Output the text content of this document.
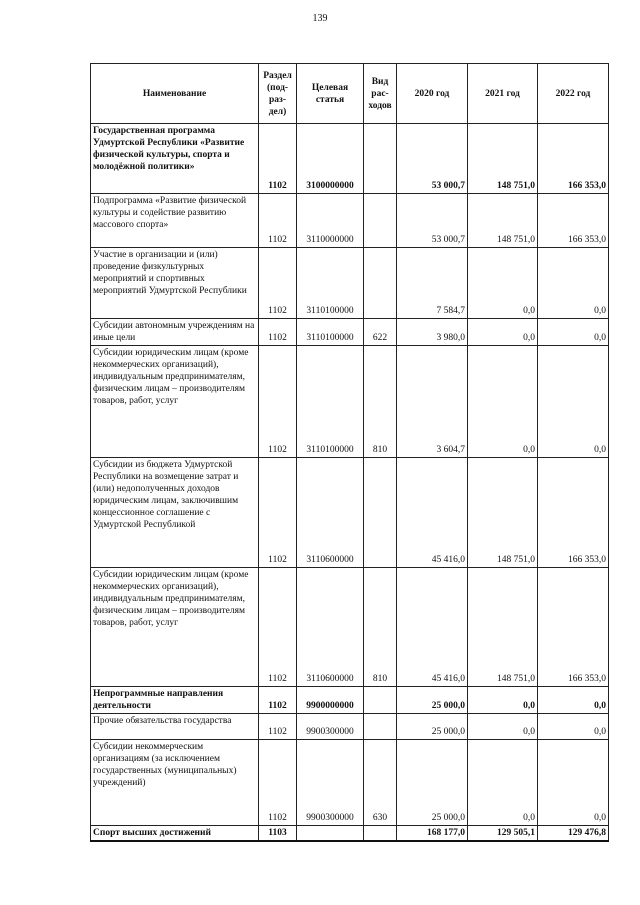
139
Наименование	Раздел (под-раз-дел)	Целевая статья	Вид рас-ходов	2020 год	2021 год	2022 год
Государственная программа Удмуртской Республики «Развитие физической культуры, спорта и молодёжной политики»	1102	3100000000		53 000,7	148 751,0	166 353,0
Подпрограмма «Развитие физической культуры и содействие развитию массового спорта»	1102	3110000000		53 000,7	148 751,0	166 353,0
Участие в организации и (или) проведение физкультурных мероприятий и спортивных мероприятий Удмуртской Республики	1102	3110100000		7 584,7	0,0	0,0
Субсидии автономным учреждениям на иные цели	1102	3110100000	622	3 980,0	0,0	0,0
Субсидии юридическим лицам (кроме некоммерческих организаций), индивидуальным предпринимателям, физическим лицам – производителям товаров, работ, услуг	1102	3110100000	810	3 604,7	0,0	0,0
Субсидии из бюджета Удмуртской Республики на возмещение затрат и (или) недополученных доходов юридическим лицам, заключившим концессионное соглашение с Удмуртской Республикой	1102	3110600000		45 416,0	148 751,0	166 353,0
Субсидии юридическим лицам (кроме некоммерческих организаций), индивидуальным предпринимателям, физическим лицам – производителям товаров, работ, услуг	1102	3110600000	810	45 416,0	148 751,0	166 353,0
Непрограммные направления деятельности	1102	9900000000		25 000,0	0,0	0,0
Прочие обязательства государства	1102	9900300000		25 000,0	0,0	0,0
Субсидии некоммерческим организациям (за исключением государственных (муниципальных) учреждений)	1102	9900300000	630	25 000,0	0,0	0,0
Спорт высших достижений	1103			168 177,0	129 505,1	129 476,8
